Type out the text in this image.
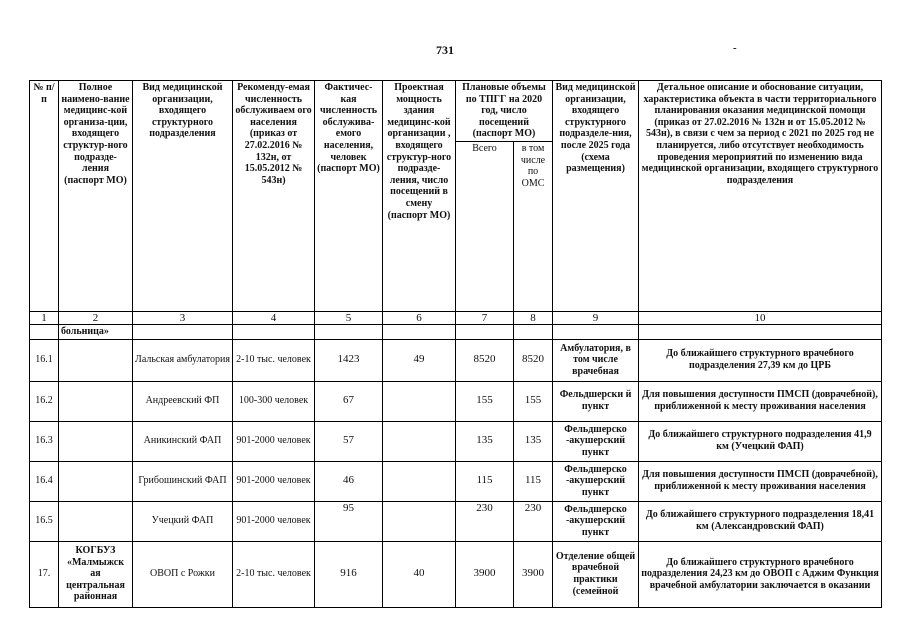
731	-
№ п/п	Полное наимено-вание медицинс-кой организа-ции, входящего структур-ного подразде-ления (паспорт МО)	Вид медицинской организации, входящего структурного подразделения	Рекоменду-емая численность обслуживаем ого населения (приказ от 27.02.2016 № 132н, от 15.05.2012 № 543н)	Фактичес-кая численность обслужива-емого населения, человек (паспорт МО)	Проектная мощность здания медицинс-кой организации , входящего структур-ного подразде-ления, число посещений в смену (паспорт МО)	Плановые объемы по ТПГГ на 2020 год, число посещений (паспорт МО)		Вид медицинской организации, входящего структурного подразделе-ния, после 2025 года (схема размещения)	Детальное описание и обоснование ситуации, характеристика объекта в части территориального планирования оказания медицинской помощи (приказ от 27.02.2016 № 132н и от 15.05.2012 № 543н), в связи с чем за период с 2021 по 2025 год не планируется, либо отсутствует необходимость проведения мероприятий по изменению вида медицинской организации, входящего структурного подразделения
						Всего	в том числе по ОМС		
1	2	3	4	5	6	7	8	9	10
	больница»								
16.1		Лальская амбулатория	2-10 тыс. человек	1423	49	8520	8520	Амбулатория, в том числе врачебная	До ближайшего структурного врачебного подразделения 27,39 км до ЦРБ
16.2		Андреевский ФП	100-300 человек	67		155	155	Фельдшерски й пункт	Для повышения доступности ПМСП (доврачебной), приближенной к месту проживания населения
16.3		Аникинский ФАП	901-2000 человек	57		135	135	Фельдшерско -акушерский пункт	До ближайшего структурного подразделения 41,9 км (Учецкий ФАП)
16.4		Грибошинский ФАП	901-2000 человек	46		115	115	Фельдшерско -акушерский пункт	Для повышения доступности ПМСП (доврачебной), приближенной к месту проживания населения
16.5		Учецкий ФАП	901-2000 человек	95		230	230	Фельдшерско -акушерский пункт	До ближайшего структурного подразделения 18,41 км (Александровский ФАП)
17.	КОГБУЗ «Малмыжск ая центральная районная	ОВОП с Рожки	2-10 тыс. человек	916	40	3900	3900	Отделение общей врачебной практики (семейной	До ближайшего структурного врачебного подразделения 24,23 км до ОВОП с Аджим Функция врачебной амбулатории заключается в оказании
